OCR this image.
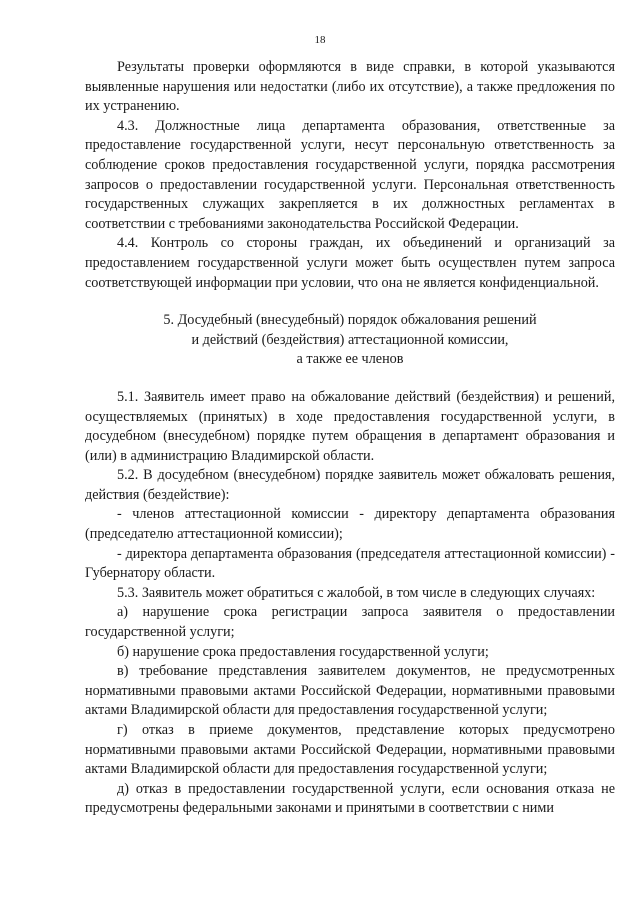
18

Результаты проверки оформляются в виде справки, в которой указываются выявленные нарушения или недостатки (либо их отсутствие), а также предложения по их устранению.

4.3. Должностные лица департамента образования, ответственные за предоставление государственной услуги, несут персональную ответственность за соблюдение сроков предоставления государственной услуги, порядка рассмотрения запросов о предоставлении государственной услуги. Персональная ответственность государственных служащих закрепляется в их должностных регламентах в соответствии с требованиями законодательства Российской Федерации.

4.4. Контроль со стороны граждан, их объединений и организаций за предоставлением государственной услуги может быть осуществлен путем запроса соответствующей информации при условии, что она не является конфиденциальной.

5. Досудебный (внесудебный) порядок обжалования решений
и действий (бездействия) аттестационной комиссии,
а также ее членов

5.1. Заявитель имеет право на обжалование действий (бездействия) и решений, осуществляемых (принятых) в ходе предоставления государственной услуги, в досудебном (внесудебном) порядке путем обращения в департамент образования и (или) в администрацию Владимирской области.

5.2. В досудебном (внесудебном) порядке заявитель может обжаловать решения, действия (бездействие):

- членов аттестационной комиссии - директору департамента образования (председателю аттестационной комиссии);

- директора департамента образования (председателя аттестационной комиссии) - Губернатору области.

5.3. Заявитель может обратиться с жалобой, в том числе в следующих случаях:

а) нарушение срока регистрации запроса заявителя о предоставлении государственной услуги;

б) нарушение срока предоставления государственной услуги;

в) требование представления заявителем документов, не предусмотренных нормативными правовыми актами Российской Федерации, нормативными правовыми актами Владимирской области для предоставления государственной услуги;

г) отказ в приеме документов, представление которых предусмотрено нормативными правовыми актами Российской Федерации, нормативными правовыми актами Владимирской области для предоставления государственной услуги;

д) отказ в предоставлении государственной услуги, если основания отказа не предусмотрены федеральными законами и принятыми в соответствии с ними
